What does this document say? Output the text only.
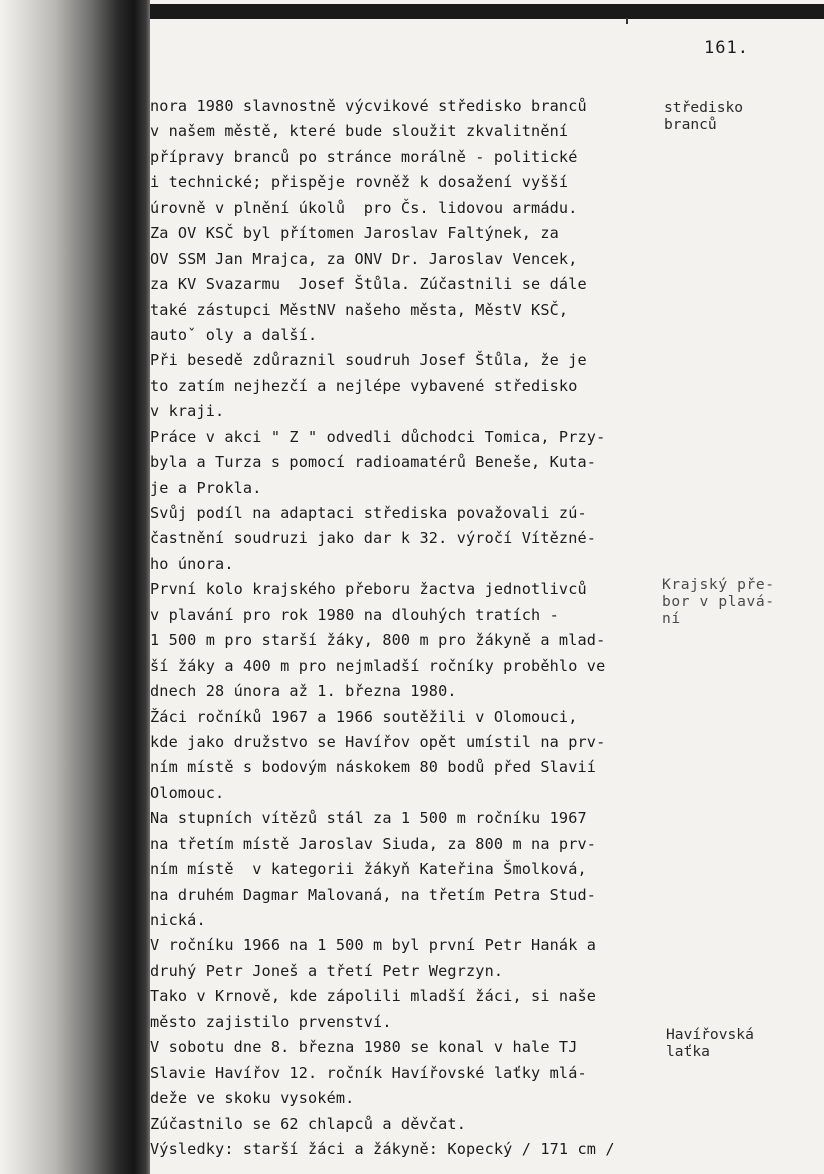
161.
nora 1980 slavnostně výcvikové středisko branců
v našem městě, které bude sloužit zkvalitnění
přípravy branců po stránce morálně - politické
i technické; přispěje rovněž k dosažení vyšší
úrovně v plnění úkolů  pro Čs. lidovou armádu.
Za OV KSČ byl přítomen Jaroslav Faltýnek, za
OV SSM Jan Mrajca, za ONV Dr. Jaroslav Vencek,
za KV Svazarmu  Josef Štůla. Zúčastnili se dále
také zástupci MěstNV našeho města, MěstV KSČ,
autoˇ oly a další.
Při besedě zdůraznil soudruh Josef Štůla, že je
to zatím nejhezčí a nejlépe vybavené středisko
v kraji.
Práce v akci " Z " odvedli důchodci Tomica, Przy-
byla a Turza s pomocí radioamatérů Beneše, Kuta-
je a Prokla.
Svůj podíl na adaptaci střediska považovali zú-
častnění soudruzi jako dar k 32. výročí Vítězné-
ho února.
První kolo krajského přeboru žactva jednotlivců
v plavání pro rok 1980 na dlouhých tratích -
1 500 m pro starší žáky, 800 m pro žákyně a mlad-
ší žáky a 400 m pro nejmladší ročníky proběhlo ve
dnech 28 února až 1. března 1980.
Žáci ročníků 1967 a 1966 soutěžili v Olomouci,
kde jako družstvo se Havířov opět umístil na prv-
ním místě s bodovým náskokem 80 bodů před Slavií
Olomouc.
Na stupních vítězů stál za 1 500 m ročníku 1967
na třetím místě Jaroslav Siuda, za 800 m na prv-
ním místě  v kategorii žákyň Kateřina Šmolková,
na druhém Dagmar Malovaná, na třetím Petra Stud-
nická.
V ročníku 1966 na 1 500 m byl první Petr Hanák a
druhý Petr Joneš a třetí Petr Wegrzyn.
Tako v Krnově, kde zápolili mladší žáci, si naše
město zajistilo prvenství.
V sobotu dne 8. března 1980 se konal v hale TJ
Slavie Havířov 12. ročník Havířovské laťky mlá-
deže ve skoku vysokém.
Zúčastnilo se 62 chlapců a děvčat.
Výsledky: starší žáci a žákyně: Kopecký / 171 cm /
středisko
branců
Krajský pře-
bor v plavá-
ní
Havířovská
laťka
